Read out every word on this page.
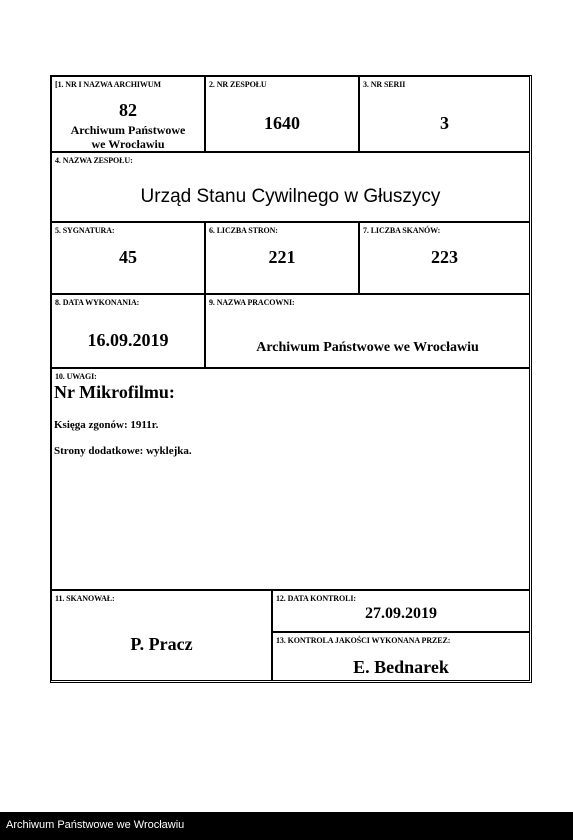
[1. NR I NAZWA ARCHIWUM
82
Archiwum Państwowe
we Wrocławiu
2. NR ZESPOŁU
1640
3. NR SERII
3
4. NAZWA ZESPOŁU:
Urząd Stanu Cywilnego w Głuszycy
5. SYGNATURA:
45
6. LICZBA STRON:
221
7. LICZBA SKANÓW:
223
8. DATA WYKONANIA:
16.09.2019
9. NAZWA PRACOWNI:
Archiwum Państwowe we Wrocławiu
10. UWAGI:
Nr Mikrofilmu:
Księga zgonów: 1911r.
Strony dodatkowe: wyklejka.
11. SKANOWAŁ:
P. Pracz
12. DATA KONTROLI:
27.09.2019
13. KONTROLA JAKOŚCI WYKONANA PRZEZ:
E. Bednarek
Archiwum Państwowe we Wrocławiu
